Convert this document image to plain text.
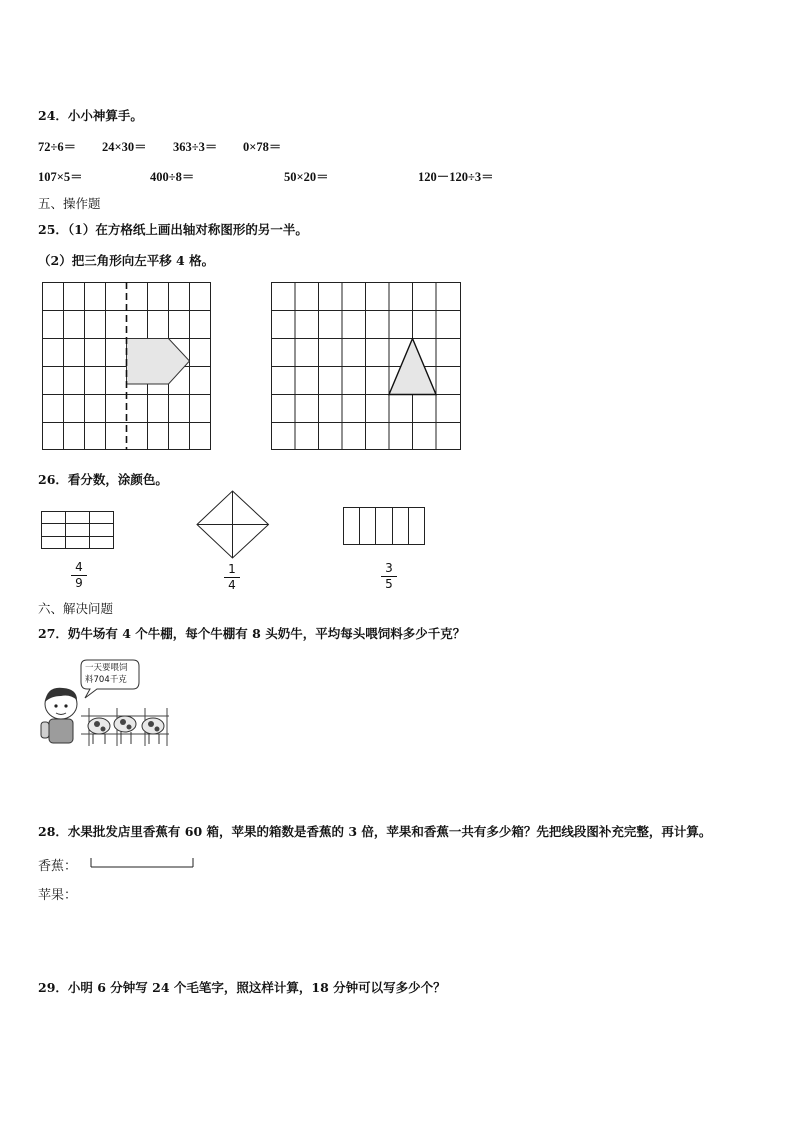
24．小小神算手。
72÷6＝ 24×30＝ 363÷3＝ 0×78＝
107×5＝	400÷8＝	50×20＝	120－120÷3＝
五、操作题
25．（1）在方格纸上画出轴对称图形的另一半。
（2）把三角形向左平移 4 格。
26．看分数，涂颜色。
4
9
1
4
3
5
六、解决问题
27．奶牛场有 4 个牛棚，每个牛棚有 8 头奶牛，平均每头喂饲料多少千克？
一天要喂饲
料704千克
28．水果批发店里香蕉有 60 箱，苹果的箱数是香蕉的 3 倍，苹果和香蕉一共有多少箱？先把线段图补充完整，再计算。
香蕉：
苹果：
29．小明 6 分钟写 24 个毛笔字，照这样计算，18 分钟可以写多少个？
